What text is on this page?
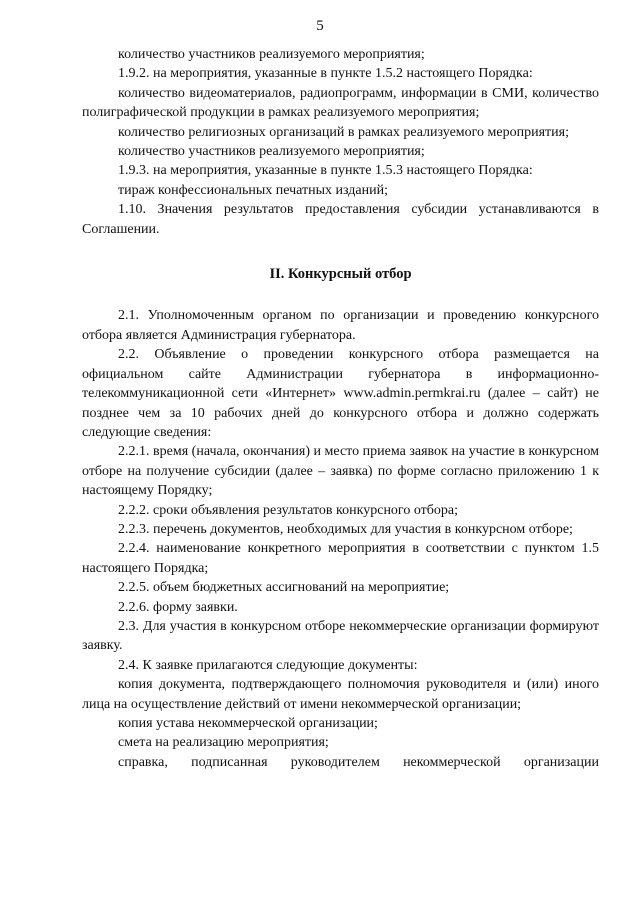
5

количество участников реализуемого мероприятия;

1.9.2. на мероприятия, указанные в пункте 1.5.2 настоящего Порядка:

количество видеоматериалов, радиопрограмм, информации в СМИ, количество полиграфической продукции в рамках реализуемого мероприятия;

количество религиозных организаций в рамках реализуемого мероприятия;

количество участников реализуемого мероприятия;

1.9.3. на мероприятия, указанные в пункте 1.5.3 настоящего Порядка:

тираж конфессиональных печатных изданий;

1.10. Значения результатов предоставления субсидии устанавливаются в Соглашении.

II. Конкурсный отбор

2.1. Уполномоченным органом по организации и проведению конкурсного отбора является Администрация губернатора.

2.2. Объявление о проведении конкурсного отбора размещается на официальном сайте Администрации губернатора в информационно-телекоммуникационной сети «Интернет» www.admin.permkrai.ru (далее – сайт) не позднее чем за 10 рабочих дней до конкурсного отбора и должно содержать следующие сведения:

2.2.1. время (начала, окончания) и место приема заявок на участие в конкурсном отборе на получение субсидии (далее – заявка) по форме согласно приложению 1 к настоящему Порядку;

2.2.2. сроки объявления результатов конкурсного отбора;

2.2.3. перечень документов, необходимых для участия в конкурсном отборе;

2.2.4. наименование конкретного мероприятия в соответствии с пунктом 1.5 настоящего Порядка;

2.2.5. объем бюджетных ассигнований на мероприятие;

2.2.6. форму заявки.

2.3. Для участия в конкурсном отборе некоммерческие организации формируют заявку.

2.4. К заявке прилагаются следующие документы:

копия документа, подтверждающего полномочия руководителя и (или) иного лица на осуществление действий от имени некоммерческой организации;

копия устава некоммерческой организации;

смета на реализацию мероприятия;

справка, подписанная руководителем некоммерческой организации
